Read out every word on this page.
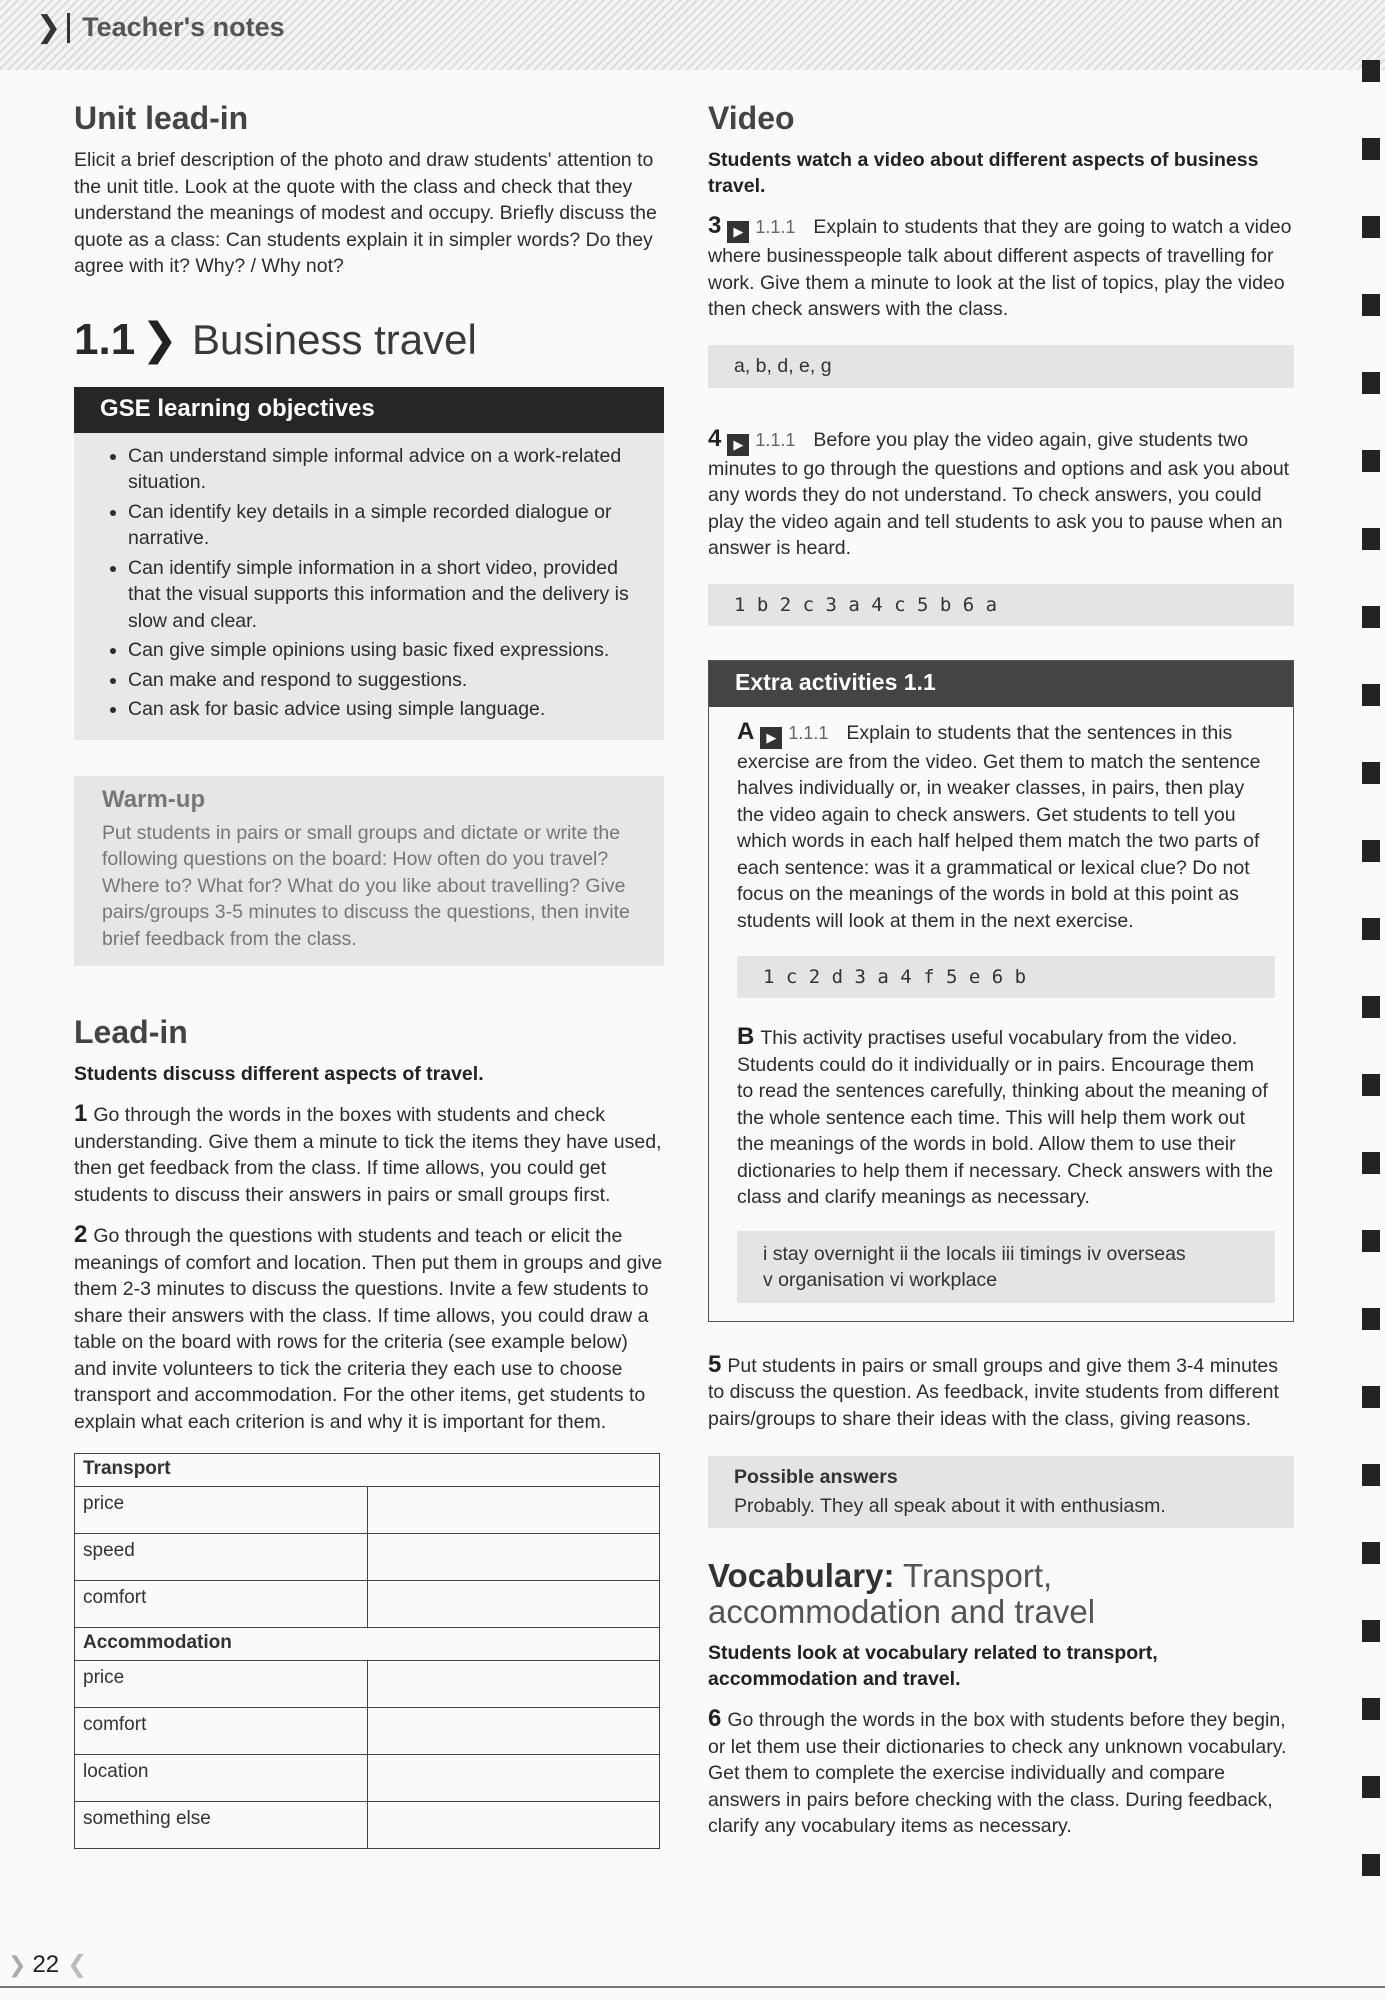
❯ Teacher's notes
Unit lead-in

Elicit a brief description of the photo and draw students' attention to the unit title. Look at the quote with the class and check that they understand the meanings of modest and occupy. Briefly discuss the quote as a class: Can students explain it in simpler words? Do they agree with it? Why? / Why not?

1.1 ❯ Business travel
GSE learning objectives
• Can understand simple informal advice on a work-related situation.
• Can identify key details in a simple recorded dialogue or narrative.
• Can identify simple information in a short video, provided that the visual supports this information and the delivery is slow and clear.
• Can give simple opinions using basic fixed expressions.
• Can make and respond to suggestions.
• Can ask for basic advice using simple language.
Warm-up

Put students in pairs or small groups and dictate or write the following questions on the board: How often do you travel? Where to? What for? What do you like about travelling? Give pairs/groups 3-5 minutes to discuss the questions, then invite brief feedback from the class.

Lead-in
Students discuss different aspects of travel.

1 Go through the words in the boxes with students and check understanding. Give them a minute to tick the items they have used, then get feedback from the class. If time allows, you could get students to discuss their answers in pairs or small groups first.

2 Go through the questions with students and teach or elicit the meanings of comfort and location. Then put them in groups and give them 2-3 minutes to discuss the questions. Invite a few students to share their answers with the class. If time allows, you could draw a table on the board with rows for the criteria (see example below) and invite volunteers to tick the criteria they each use to choose transport and accommodation. For the other items, get students to explain what each criterion is and why it is important for them.

Transport	
price	
speed	
comfort	
Accommodation	
price	
comfort	
location	
something else	
Video
Students watch a video about different aspects of business travel.

3 ▶ 1.1.1 Explain to students that they are going to watch a video where businesspeople talk about different aspects of travelling for work. Give them a minute to look at the list of topics, play the video then check answers with the class.

a, b, d, e, g

4 ▶ 1.1.1 Before you play the video again, give students two minutes to go through the questions and options and ask you about any words they do not understand. To check answers, you could play the video again and tell students to ask you to pause when an answer is heard.

1 b 2 c 3 a 4 c 5 b 6 a
Extra activities 1.1

A ▶ 1.1.1 Explain to students that the sentences in this exercise are from the video. Get them to match the sentence halves individually or, in weaker classes, in pairs, then play the video again to check answers. Get students to tell you which words in each half helped them match the two parts of each sentence: was it a grammatical or lexical clue? Do not focus on the meanings of the words in bold at this point as students will look at them in the next exercise.

1 c 2 d 3 a 4 f 5 e 6 b

B This activity practises useful vocabulary from the video. Students could do it individually or in pairs. Encourage them to read the sentences carefully, thinking about the meaning of the whole sentence each time. This will help them work out the meanings of the words in bold. Allow them to use their dictionaries to help them if necessary. Check answers with the class and clarify meanings as necessary.

i stay overnight ii the locals iii timings iv overseas
v organisation vi workplace

5 Put students in pairs or small groups and give them 3-4 minutes to discuss the question. As feedback, invite students from different pairs/groups to share their ideas with the class, giving reasons.

Possible answers
Probably. They all speak about it with enthusiasm.
Vocabulary: Transport, accommodation and travel
Students look at vocabulary related to transport, accommodation and travel.

6 Go through the words in the box with students before they begin, or let them use their dictionaries to check any unknown vocabulary. Get them to complete the exercise individually and compare answers in pairs before checking with the class. During feedback, clarify any vocabulary items as necessary.

❯ 22 ❮
